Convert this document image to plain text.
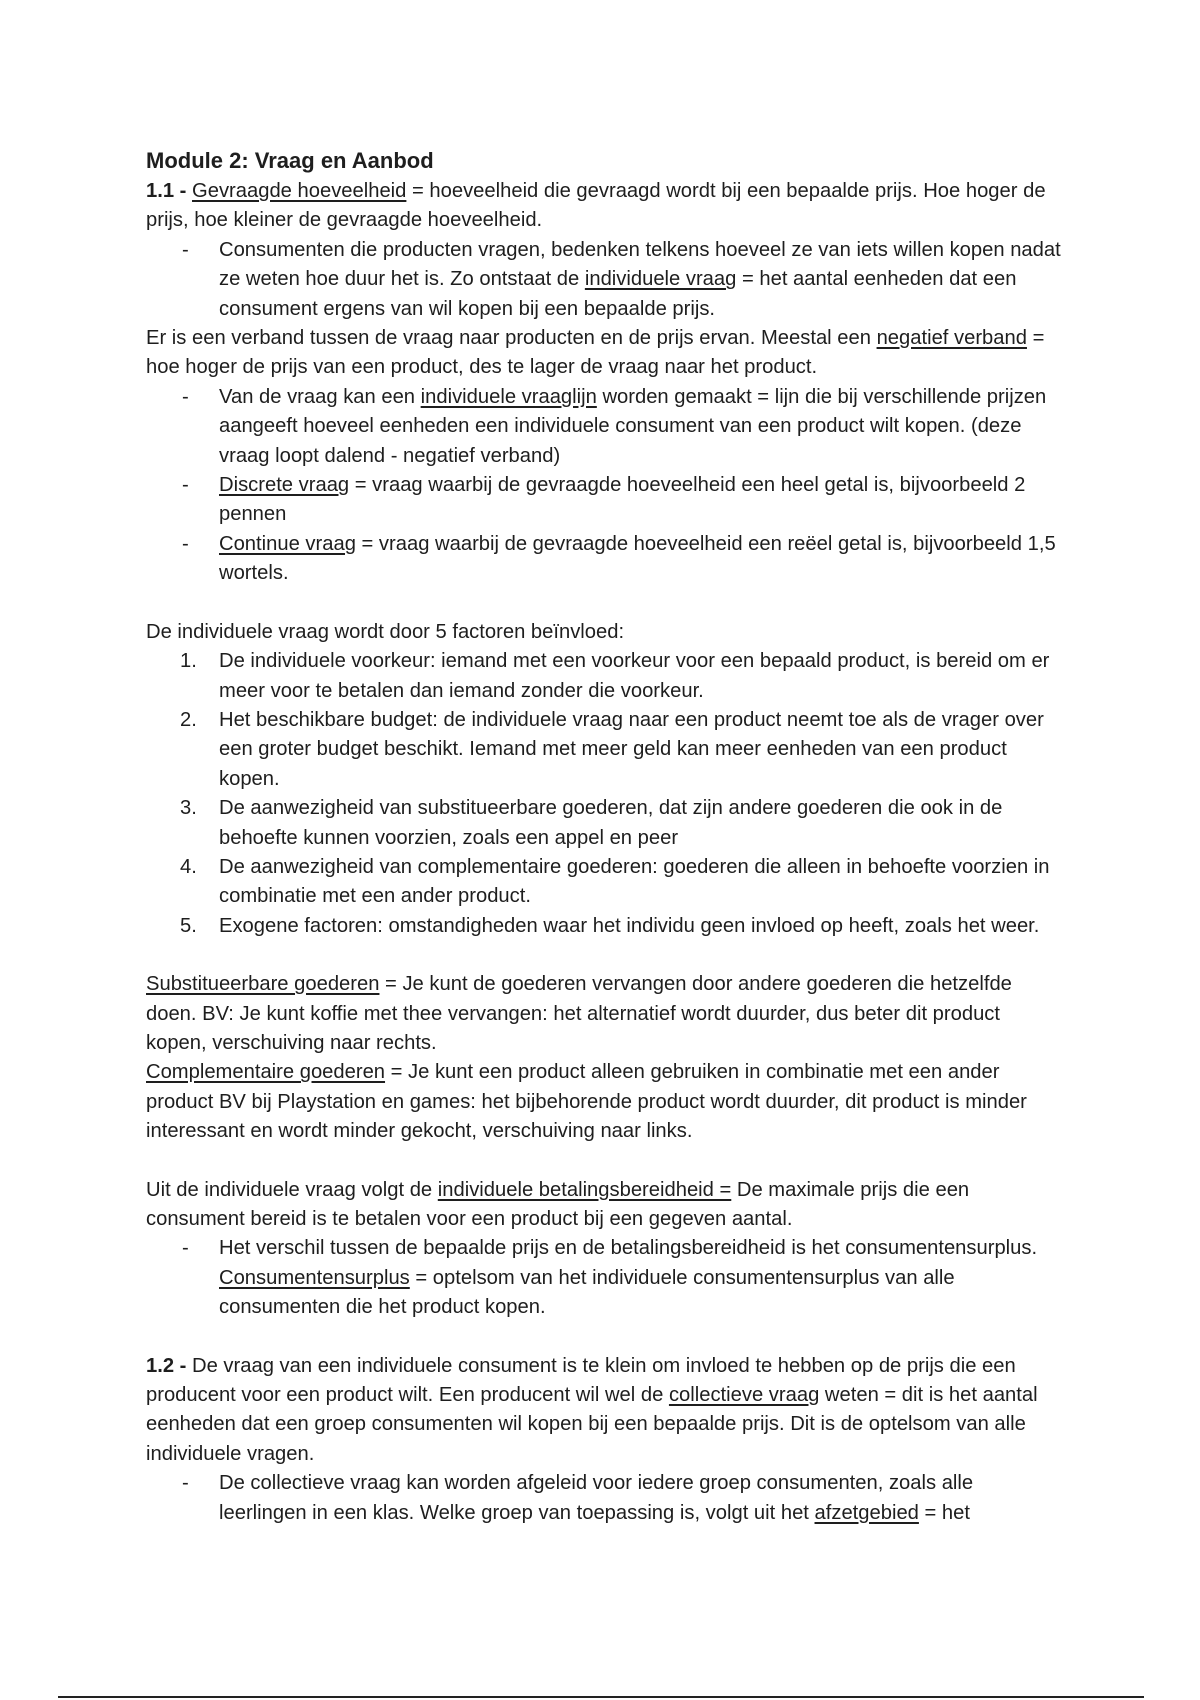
Module 2: Vraag en Aanbod

1.1 - Gevraagde hoeveelheid = hoeveelheid die gevraagd wordt bij een bepaalde prijs. Hoe hoger de prijs, hoe kleiner de gevraagde hoeveelheid.

- Consumenten die producten vragen, bedenken telkens hoeveel ze van iets willen kopen nadat ze weten hoe duur het is. Zo ontstaat de individuele vraag = het aantal eenheden dat een consument ergens van wil kopen bij een bepaalde prijs.

Er is een verband tussen de vraag naar producten en de prijs ervan. Meestal een negatief verband = hoe hoger de prijs van een product, des te lager de vraag naar het product.

- Van de vraag kan een individuele vraaglijn worden gemaakt = lijn die bij verschillende prijzen aangeeft hoeveel eenheden een individuele consument van een product wilt kopen. (deze vraag loopt dalend - negatief verband)
- Discrete vraag = vraag waarbij de gevraagde hoeveelheid een heel getal is, bijvoorbeeld 2 pennen
- Continue vraag = vraag waarbij de gevraagde hoeveelheid een reëel getal is, bijvoorbeeld 1,5 wortels.

De individuele vraag wordt door 5 factoren beïnvloed:

1. De individuele voorkeur: iemand met een voorkeur voor een bepaald product, is bereid om er meer voor te betalen dan iemand zonder die voorkeur.
2. Het beschikbare budget: de individuele vraag naar een product neemt toe als de vrager over een groter budget beschikt. Iemand met meer geld kan meer eenheden van een product kopen.
3. De aanwezigheid van substitueerbare goederen, dat zijn andere goederen die ook in de behoefte kunnen voorzien, zoals een appel en peer
4. De aanwezigheid van complementaire goederen: goederen die alleen in behoefte voorzien in combinatie met een ander product.
5. Exogene factoren: omstandigheden waar het individu geen invloed op heeft, zoals het weer.

Substitueerbare goederen = Je kunt de goederen vervangen door andere goederen die hetzelfde doen. BV: Je kunt koffie met thee vervangen: het alternatief wordt duurder, dus beter dit product kopen, verschuiving naar rechts.

Complementaire goederen = Je kunt een product alleen gebruiken in combinatie met een ander product BV bij Playstation en games: het bijbehorende product wordt duurder, dit product is minder interessant en wordt minder gekocht, verschuiving naar links.

Uit de individuele vraag volgt de individuele betalingsbereidheid = De maximale prijs die een consument bereid is te betalen voor een product bij een gegeven aantal.

- Het verschil tussen de bepaalde prijs en de betalingsbereidheid is het consumentensurplus. Consumentensurplus = optelsom van het individuele consumentensurplus van alle consumenten die het product kopen.

1.2 - De vraag van een individuele consument is te klein om invloed te hebben op de prijs die een producent voor een product wilt. Een producent wil wel de collectieve vraag weten = dit is het aantal eenheden dat een groep consumenten wil kopen bij een bepaalde prijs. Dit is de optelsom van alle individuele vragen.

- De collectieve vraag kan worden afgeleid voor iedere groep consumenten, zoals alle leerlingen in een klas. Welke groep van toepassing is, volgt uit het afzetgebied = het
